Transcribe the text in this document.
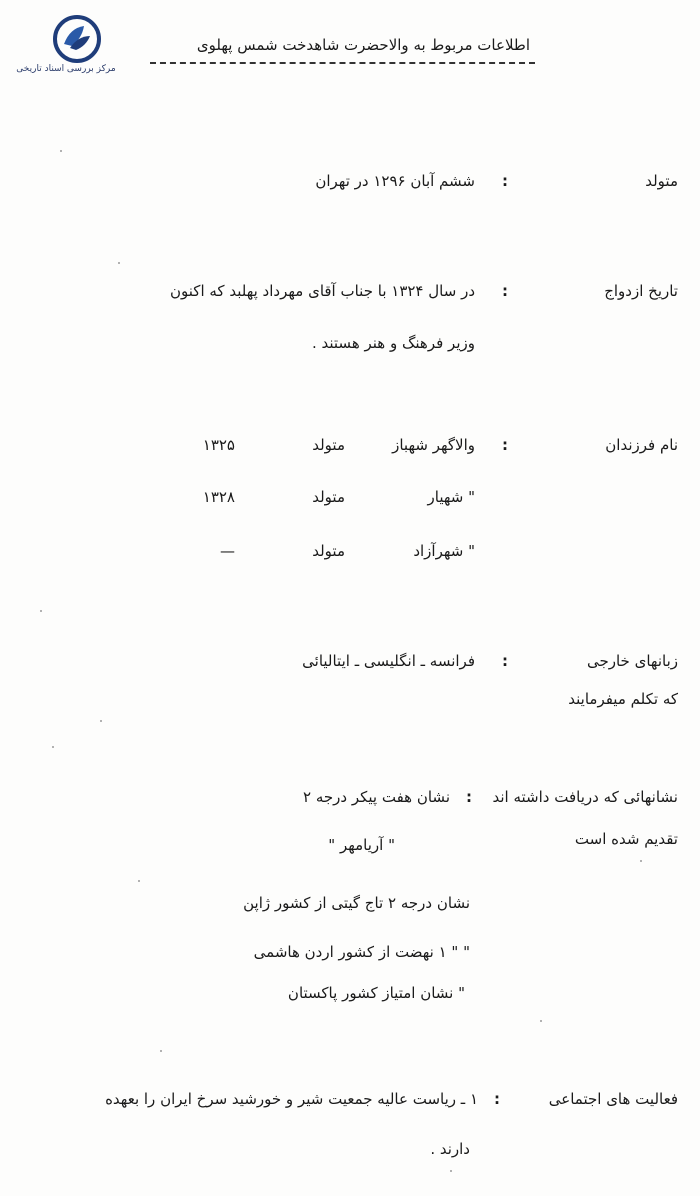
مرکز بررسی اسناد تاریخی
اطلاعات مربوط به والاحضرت شاهدخت شمس پهلوی
متولد
:
ششم آبان ۱۲۹۶ در تهران
تاریخ ازدواج
:
در سال ۱۳۲۴ با جناب آقای مهرداد پهلبد که اکنون
وزیر فرهنگ و هنر هستند .
نام فرزندان
:
والاگهر شهباز
متولد
۱۳۲۵
" شهیار
متولد
۱۳۲۸
" شهرآزاد
متولد
—
زبانهای خارجی
:
فرانسه ـ انگلیسی ـ ایتالیائی
که تکلم میفرمایند
نشانهائی که دریافت داشته اند
:
نشان هفت پیکر درجه ۲
تقدیم شده است
" آریامهر "
نشان درجه ۲ تاج گیتی از کشور ژاپن
" " ۱ نهضت از کشور اردن هاشمی
" نشان امتیاز کشور پاکستان
فعالیت های اجتماعی
:
۱ ـ ریاست عالیه جمعیت شیر و خورشید سرخ ایران را بعهده
دارند .
